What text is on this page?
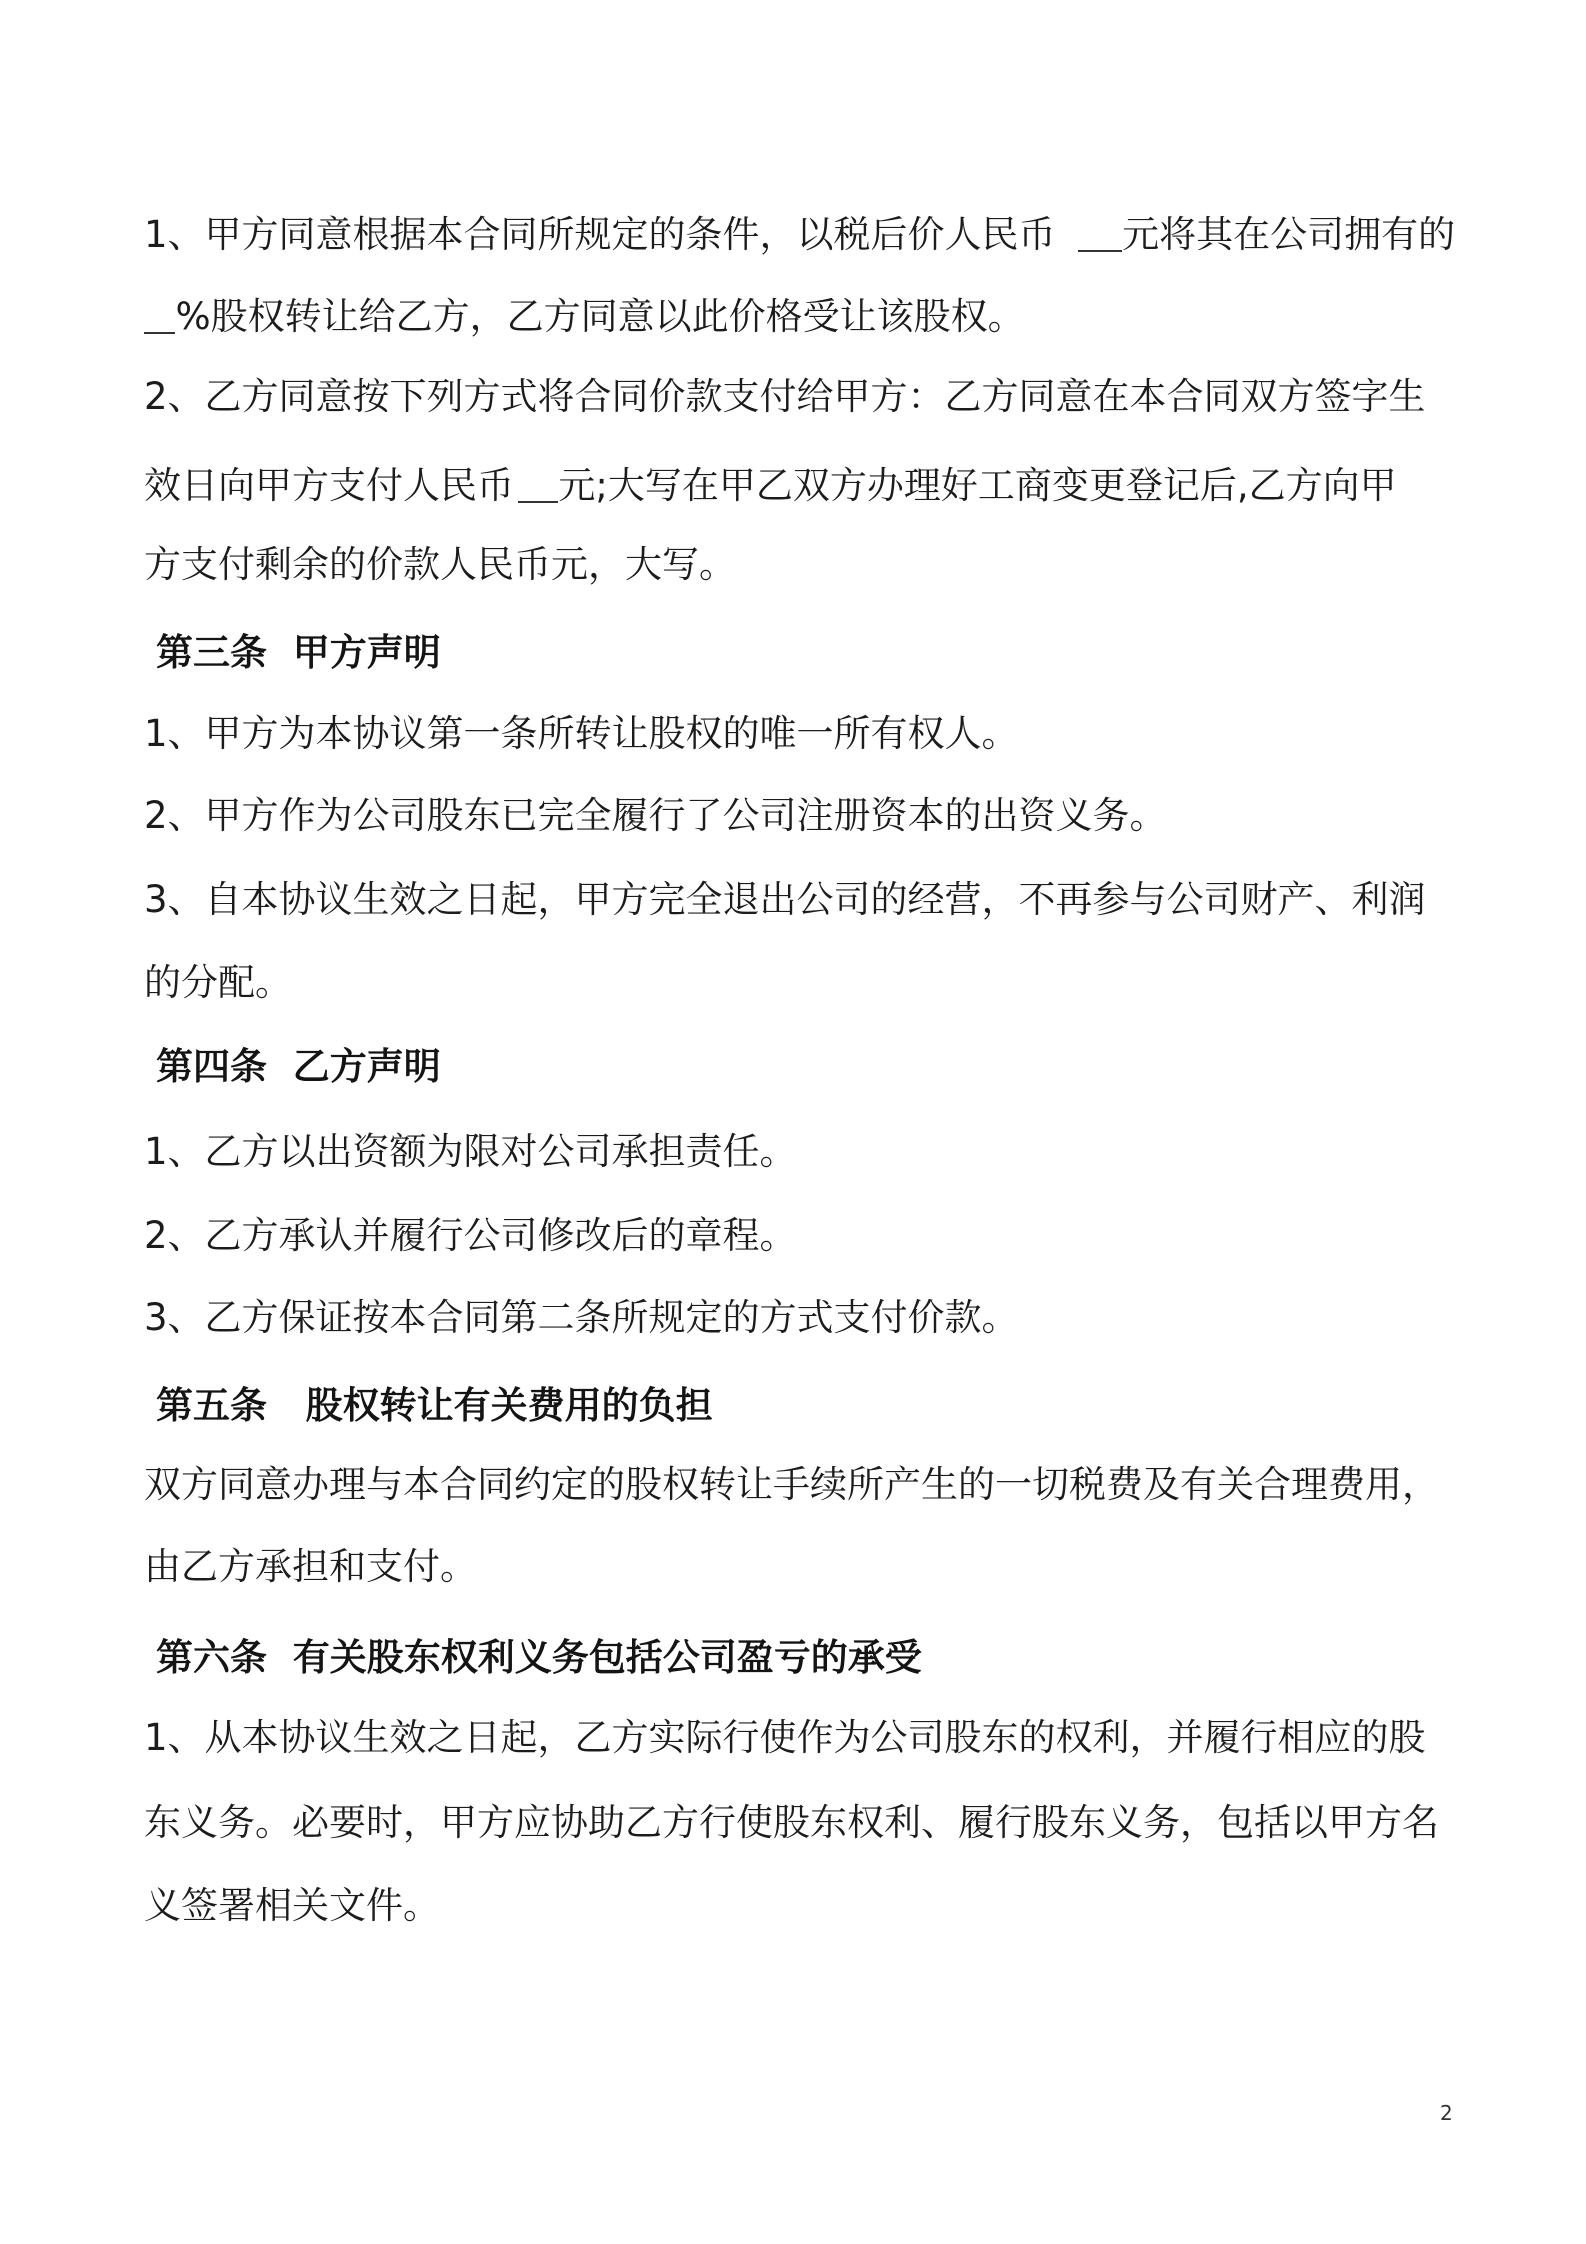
1、甲方同意根据本合同所规定的条件，以税后价人民币 元将其在公司拥有的
%股权转让给乙方，乙方同意以此价格受让该股权。
2、乙方同意按下列方式将合同价款支付给甲方：乙方同意在本合同双方签字生
效日向甲方支付人民币 元;大写在甲乙双方办理好工商变更登记后,乙方向甲
方支付剩余的价款人民币元，大写。
第三条  甲方声明
1、甲方为本协议第一条所转让股权的唯一所有权人。
2、甲方作为公司股东已完全履行了公司注册资本的出资义务。
3、自本协议生效之日起，甲方完全退出公司的经营，不再参与公司财产、利润
的分配。
第四条  乙方声明
1、乙方以出资额为限对公司承担责任。
2、乙方承认并履行公司修改后的章程。
3、乙方保证按本合同第二条所规定的方式支付价款。
第五条   股权转让有关费用的负担
双方同意办理与本合同约定的股权转让手续所产生的一切税费及有关合理费用，
由乙方承担和支付。
第六条  有关股东权利义务包括公司盈亏的承受
1、从本协议生效之日起，乙方实际行使作为公司股东的权利，并履行相应的股
东义务。必要时，甲方应协助乙方行使股东权利、履行股东义务，包括以甲方名
义签署相关文件。
2
